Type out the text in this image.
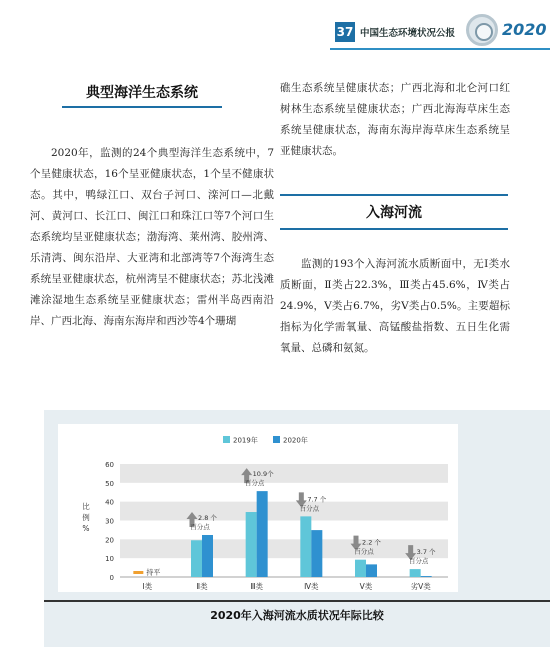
37 中国生态环境状况公报	2020
典型海洋生态系统
2020年，监测的24个典型海洋生态系统中，7个呈健康状态，16个呈亚健康状态，1个呈不健康状态。其中，鸭绿江口、双台子河口、滦河口—北戴河、黄河口、长江口、闽江口和珠江口等7个河口生态系统均呈亚健康状态；渤海湾、莱州湾、胶州湾、乐清湾、闽东沿岸、大亚湾和北部湾等7个海湾生态系统呈亚健康状态，杭州湾呈不健康状态；苏北浅滩滩涂湿地生态系统呈亚健康状态；雷州半岛西南沿岸、广西北海、海南东海岸和西沙等4个珊瑚
礁生态系统呈健康状态；广西北海和北仑河口红树林生态系统呈健康状态；广西北海海草床生态系统呈健康状态，海南东海岸海草床生态系统呈亚健康状态。
入海河流
监测的193个入海河流水质断面中，无Ⅰ类水质断面，Ⅱ类占22.3%，Ⅲ类占45.6%，Ⅳ类占24.9%，Ⅴ类占6.7%，劣Ⅴ类占0.5%。主要超标指标为化学需氧量、高锰酸盐指数、五日生化需氧量、总磷和氨氮。
0
10
20
30
40
50
60
比
例
%
2019年	2020年
Ⅰ类	Ⅱ类	Ⅲ类	Ⅳ类	Ⅴ类	劣Ⅴ类
持平
2.8 个
百分点
10.9个
百分点
7.7 个
百分点
2.2 个
百分点	3.7 个
百分点
2020年入海河流水质状况年际比较
